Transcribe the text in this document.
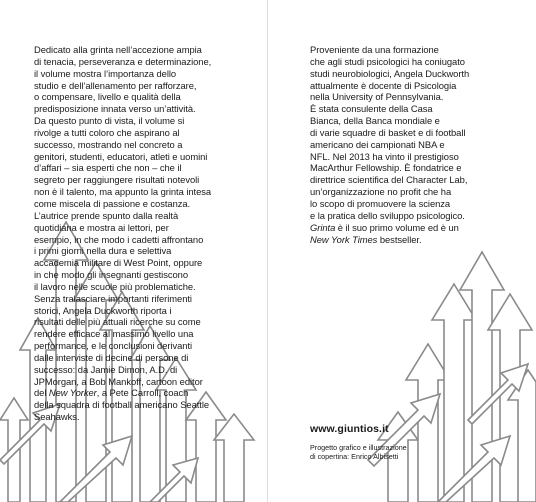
Dedicato alla grinta nell’accezione ampia
di tenacia, perseveranza e determinazione,
il volume mostra l’importanza dello
studio e dell’allenamento per rafforzare,
o compensare, livello e qualità della
predisposizione innata verso un’attività.
Da questo punto di vista, il volume si
rivolge a tutti coloro che aspirano al
successo, mostrando nel concreto a
genitori, studenti, educatori, atleti e uomini
d’affari – sia esperti che non – che il
segreto per raggiungere risultati notevoli
non è il talento, ma appunto la grinta intesa
come miscela di passione e costanza.
L’autrice prende spunto dalla realtà
quotidiana e mostra ai lettori, per
esempio, in che modo i cadetti affrontano
i primi giorni nella dura e selettiva
accademia militare di West Point, oppure
in che modo gli insegnanti gestiscono
il lavoro nelle scuole più problematiche.
Senza tralasciare importanti riferimenti
storici, Angela Duckworth riporta i
risultati delle più attuali ricerche su come
rendere efficace al massimo livello una
performance, e le conclusioni derivanti
dalle interviste di decine di persone di
successo: da Jamie Dimon, A.D. di
JPMorgan, a Bob Mankoff, cartoon editor
del New Yorker, a Pete Carroll, coach
della squadra di football americano Seattle
Seahawks.
Proveniente da una formazione
che agli studi psicologici ha coniugato
studi neurobiologici, Angela Duckworth
attualmente è docente di Psicologia
nella University of Pennsylvania.
È stata consulente della Casa
Bianca, della Banca mondiale e
di varie squadre di basket e di football
americano dei campionati NBA e
NFL. Nel 2013 ha vinto il prestigioso
MacArthur Fellowship. È fondatrice e
direttrice scientifica del Character Lab,
un’organizzazione no profit che ha
lo scopo di promuovere la scienza
e la pratica dello sviluppo psicologico.
Grinta è il suo primo volume ed è un
New York Times bestseller.
www.giuntios.it
Progetto grafico e illustrazione
di copertina: Enrico Albisetti
